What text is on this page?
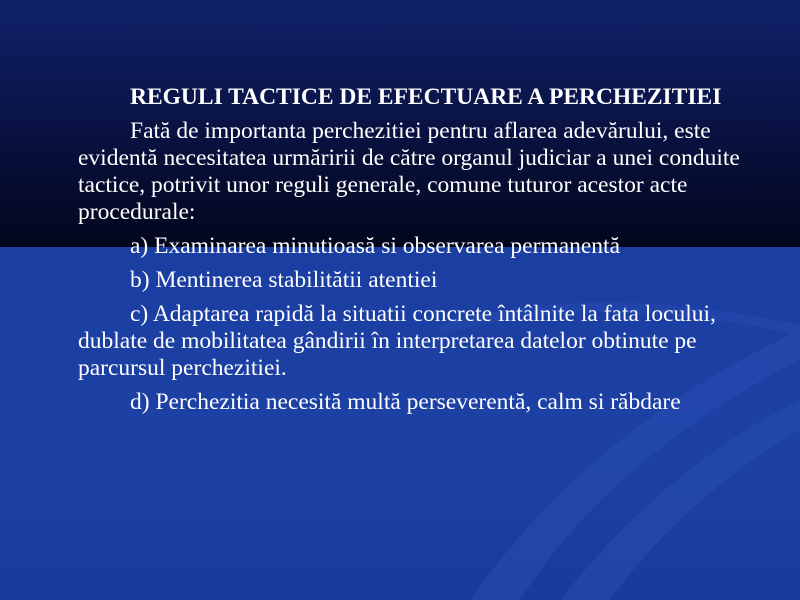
REGULI TACTICE DE EFECTUARE A PERCHEZITIEI

Fată de importanta perchezitiei pentru aflarea adevărului, este evidentă necesitatea urmăririi de către organul judiciar a unei conduite tactice, potrivit unor reguli generale, comune tuturor acestor acte procedurale:

a) Examinarea minutioasă si observarea permanentă

b) Mentinerea stabilitătii atentiei

c) Adaptarea rapidă la situatii concrete întâlnite la fata locului, dublate de mobilitatea gândirii în interpretarea datelor obtinute pe parcursul perchezitiei.

d) Perchezitia necesită multă perseverentă, calm si răbdare
